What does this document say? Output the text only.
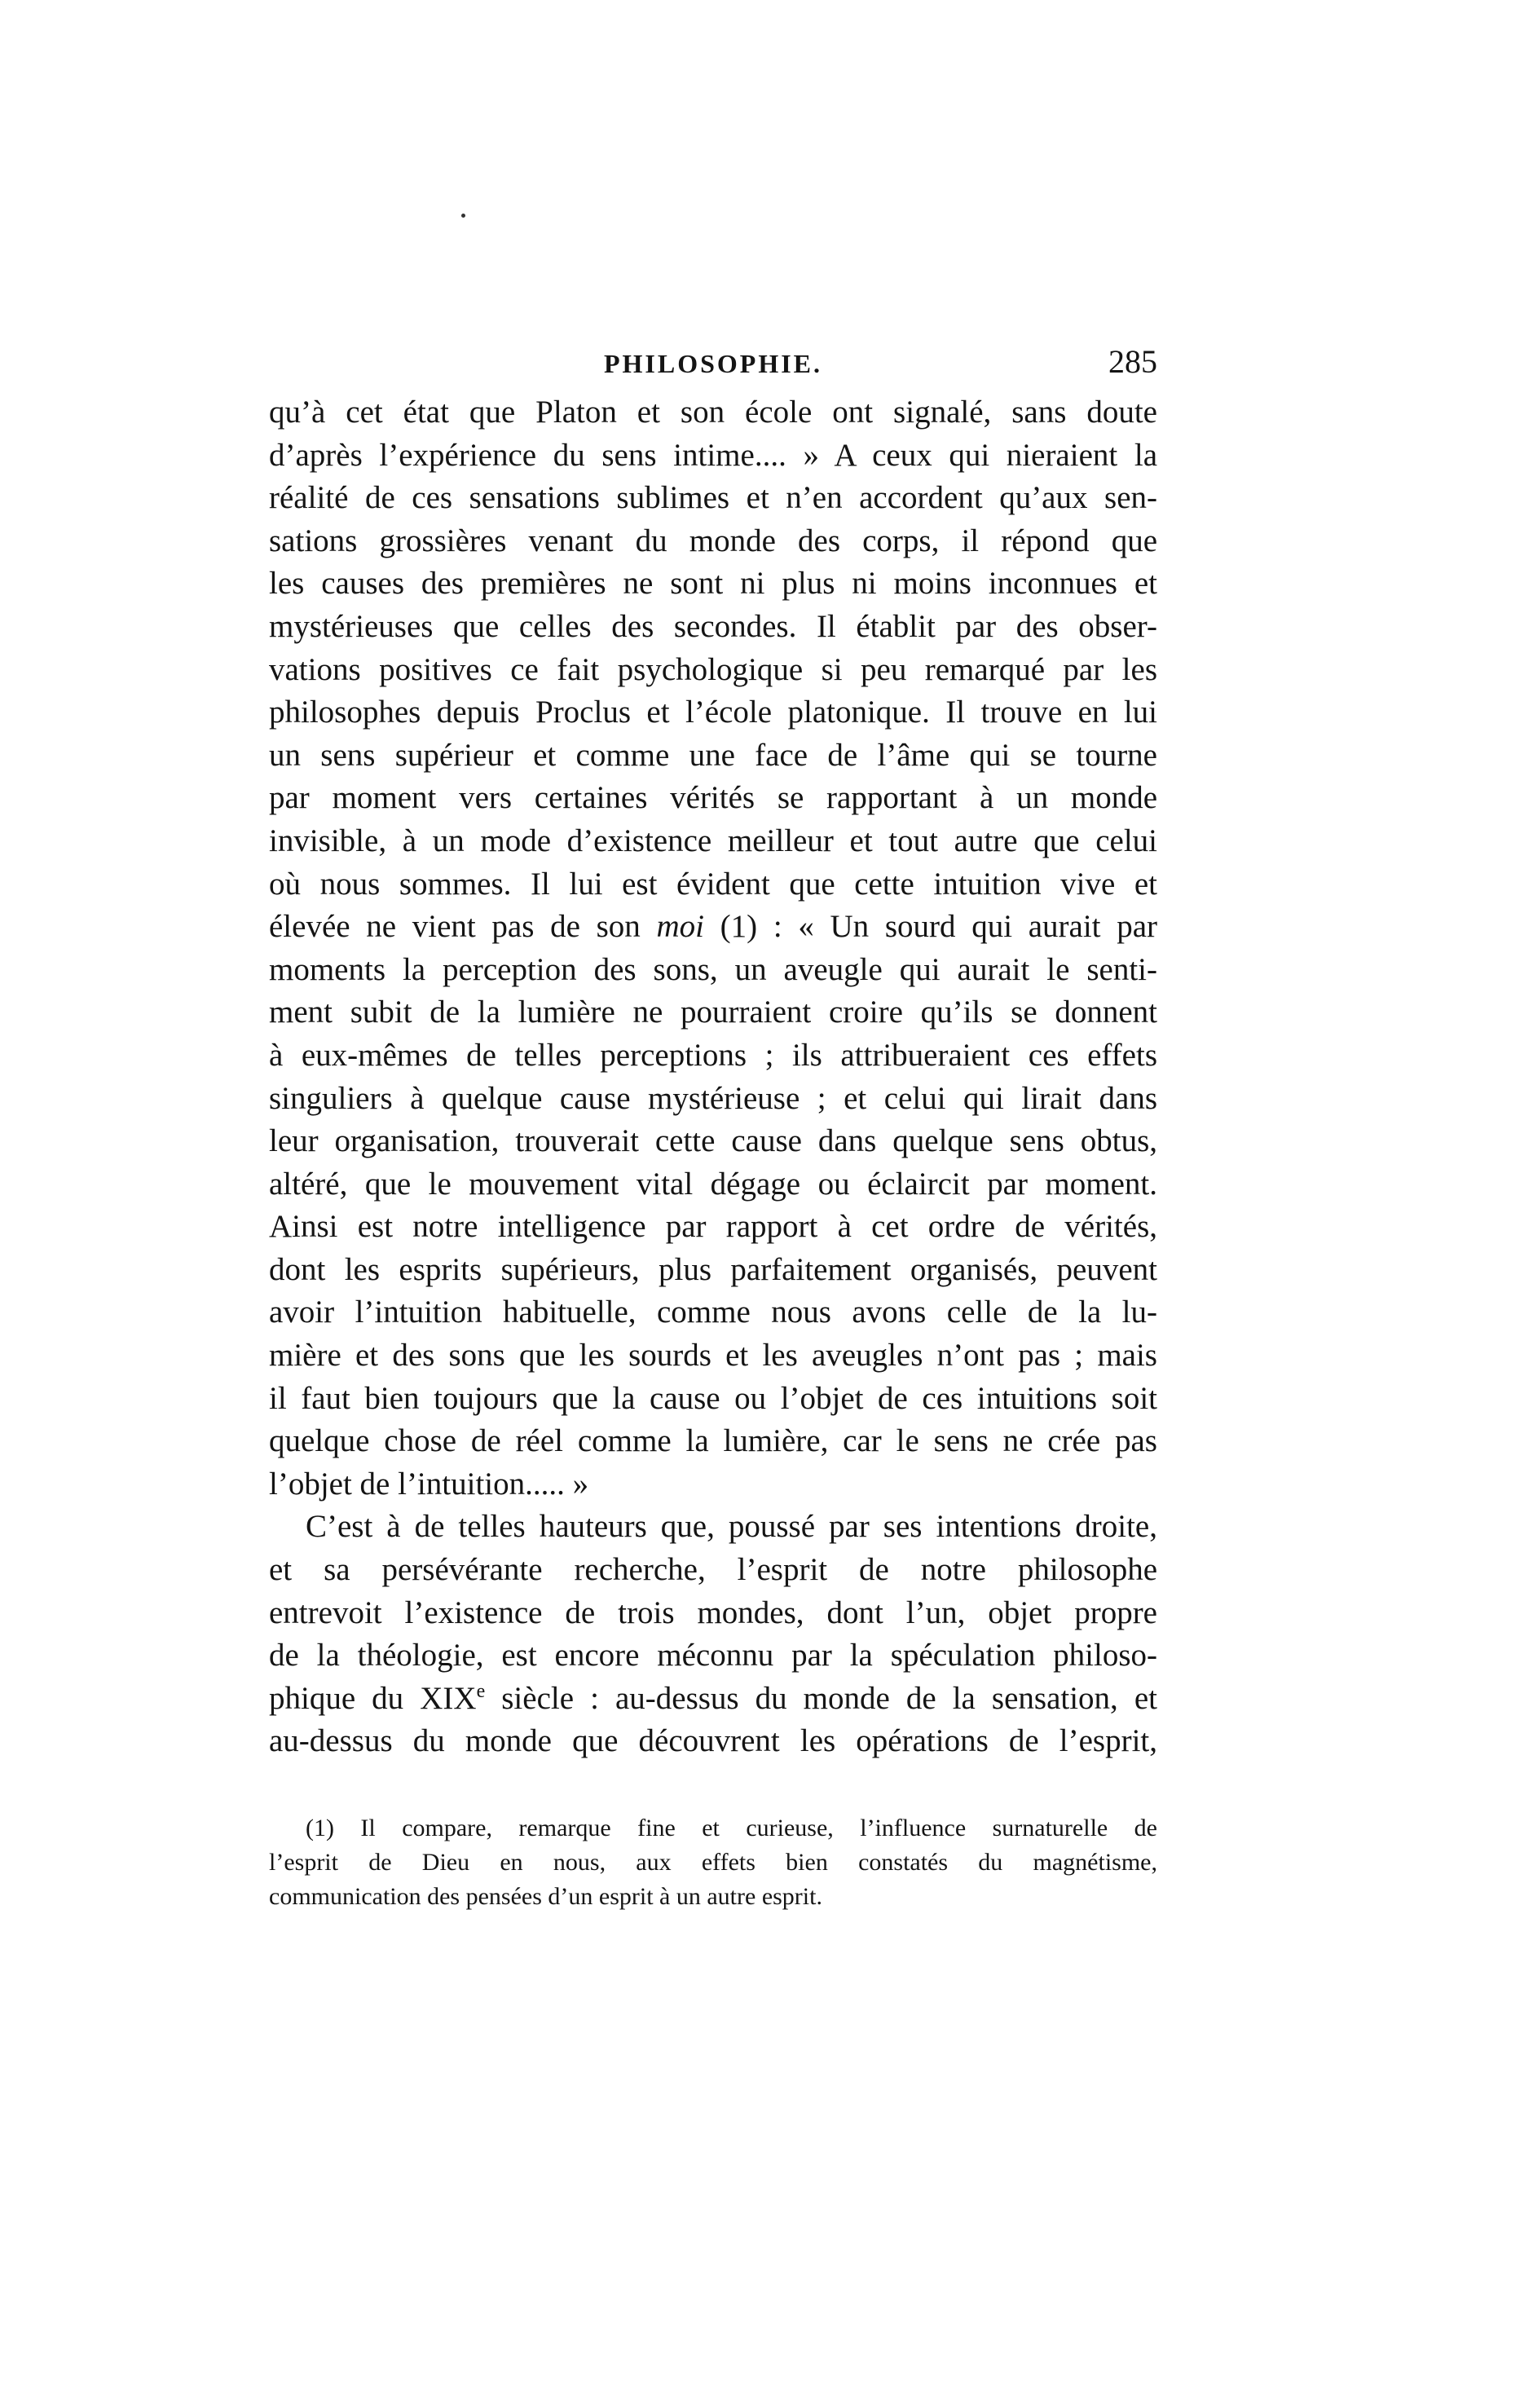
PHILOSOPHIE.	285
qu’à cet état que Platon et son école ont signalé, sans doute
d’après l’expérience du sens intime.... » A ceux qui nieraient la
réalité de ces sensations sublimes et n’en accordent qu’aux sen-
sations grossières venant du monde des corps, il répond que
les causes des premières ne sont ni plus ni moins inconnues et
mystérieuses que celles des secondes. Il établit par des obser-
vations positives ce fait psychologique si peu remarqué par les
philosophes depuis Proclus et l’école platonique. Il trouve en lui
un sens supérieur et comme une face de l’âme qui se tourne
par moment vers certaines vérités se rapportant à un monde
invisible, à un mode d’existence meilleur et tout autre que celui
où nous sommes. Il lui est évident que cette intuition vive et
élevée ne vient pas de son moi (1) : « Un sourd qui aurait par
moments la perception des sons, un aveugle qui aurait le senti-
ment subit de la lumière ne pourraient croire qu’ils se donnent
à eux-mêmes de telles perceptions ; ils attribueraient ces effets
singuliers à quelque cause mystérieuse ; et celui qui lirait dans
leur organisation, trouverait cette cause dans quelque sens obtus,
altéré, que le mouvement vital dégage ou éclaircit par moment.
Ainsi est notre intelligence par rapport à cet ordre de vérités,
dont les esprits supérieurs, plus parfaitement organisés, peuvent
avoir l’intuition habituelle, comme nous avons celle de la lu-
mière et des sons que les sourds et les aveugles n’ont pas ; mais
il faut bien toujours que la cause ou l’objet de ces intuitions soit
quelque chose de réel comme la lumière, car le sens ne crée pas
l’objet de l’intuition..... »
C’est à de telles hauteurs que, poussé par ses intentions droite,
et sa persévérante recherche, l’esprit de notre philosophe
entrevoit l’existence de trois mondes, dont l’un, objet propre
de la théologie, est encore méconnu par la spéculation philoso-
phique du XIXe siècle : au-dessus du monde de la sensation, et
au-dessus du monde que découvrent les opérations de l’esprit,
(1) Il compare, remarque fine et curieuse, l’influence surnaturelle de
l’esprit de Dieu en nous, aux effets bien constatés du magnétisme,
communication des pensées d’un esprit à un autre esprit.
